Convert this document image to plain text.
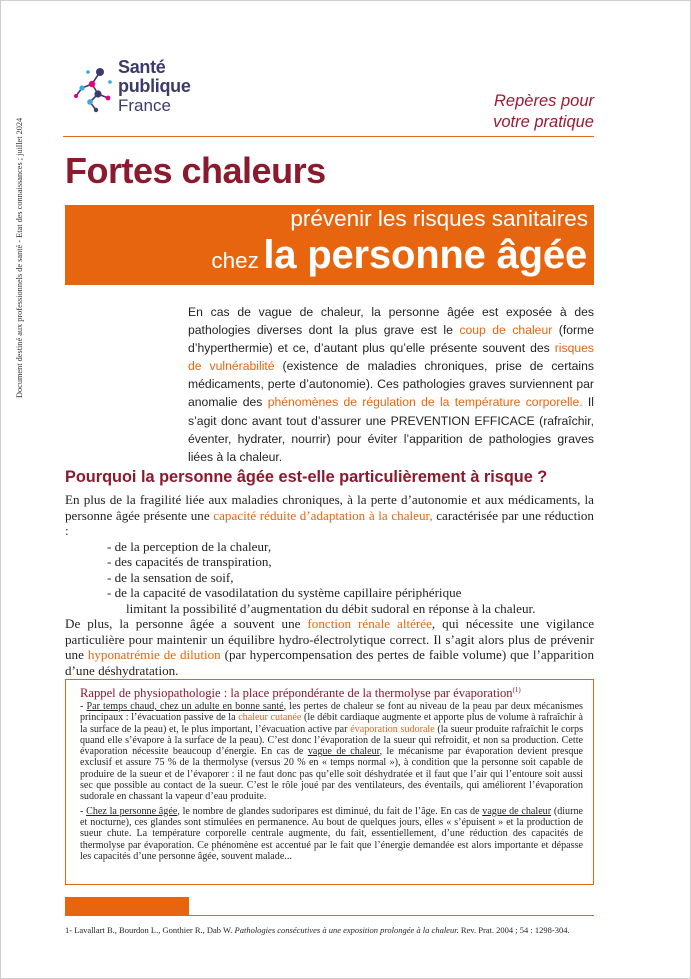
Document destiné aux professionnels de santé - Etat des connaissances ; juillet 2024
Santé
publique
France	Repères pour
votre pratique
Fortes chaleurs
prévenir les risques sanitaires
chez la personne âgée

En cas de vague de chaleur, la personne âgée est exposée à des pathologies diverses dont la plus grave est le coup de chaleur (forme d’hyperthermie) et ce, d’autant plus qu’elle présente souvent des risques de vulnérabilité (existence de maladies chroniques, prise de certains médicaments, perte d’autonomie). Ces pathologies graves surviennent par anomalie des phénomènes de régulation de la température corporelle. Il s’agit donc avant tout d’assurer une PREVENTION EFFICACE (rafraîchir, éventer, hydrater, nourrir) pour éviter l’apparition de pathologies graves liées à la chaleur.

Pourquoi la personne âgée est-elle particulièrement à risque ?

En plus de la fragilité liée aux maladies chroniques, à la perte d’autonomie et aux médicaments, la personne âgée présente une capacité réduite d’adaptation à la chaleur, caractérisée par une réduction :

- de la perception de la chaleur,
- des capacités de transpiration,
- de la sensation de soif,
- de la capacité de vasodilatation du système capillaire périphérique
limitant la possibilité d’augmentation du débit sudoral en réponse à la chaleur.

De plus, la personne âgée a souvent une fonction rénale altérée, qui nécessite une vigilance particulière pour maintenir un équilibre hydro-électrolytique correct. Il s’agit alors plus de prévenir une hyponatrémie de dilution (par hypercompensation des pertes de faible volume) que l’apparition d’une déshydratation.

Rappel de physiopathologie : la place prépondérante de la thermolyse par évaporation$^{(1)}$

- Par temps chaud, chez un adulte en bonne santé, les pertes de chaleur se font au niveau de la peau par deux mécanismes principaux : l’évacuation passive de la chaleur cutanée (le débit cardiaque augmente et apporte plus de volume à rafraîchir à la surface de la peau) et, le plus important, l’évacuation active par évaporation sudorale (la sueur produite rafraîchit le corps quand elle s’évapore à la surface de la peau). C’est donc l’évaporation de la sueur qui refroidit, et non sa production. Cette évaporation nécessite beaucoup d’énergie. En cas de vague de chaleur, le mécanisme par évaporation devient presque exclusif et assure 75 % de la thermolyse (versus 20 % en « temps normal »), à condition que la personne soit capable de produire de la sueur et de l’évaporer : il ne faut donc pas qu’elle soit déshydratée et il faut que l’air qui l’entoure soit aussi sec que possible au contact de la sueur. C’est le rôle joué par des ventilateurs, des éventails, qui améliorent l’évaporation sudorale en chassant la vapeur d’eau produite.

- Chez la personne âgée, le nombre de glandes sudoripares est diminué, du fait de l’âge. En cas de vague de chaleur (diurne et nocturne), ces glandes sont stimulées en permanence. Au bout de quelques jours, elles « s’épuisent » et la production de sueur chute. La température corporelle centrale augmente, du fait, essentiellement, d’une réduction des capacités de thermolyse par évaporation. Ce phénomène est accentué par le fait que l’énergie demandée est alors importante et dépasse les capacités d’une personne âgée, souvent malade...

1- Lavallart B., Bourdon L., Gonthier R., Dab W. Pathologies consécutives à une exposition prolongée à la chaleur. Rev. Prat. 2004 ; 54 : 1298-304.
